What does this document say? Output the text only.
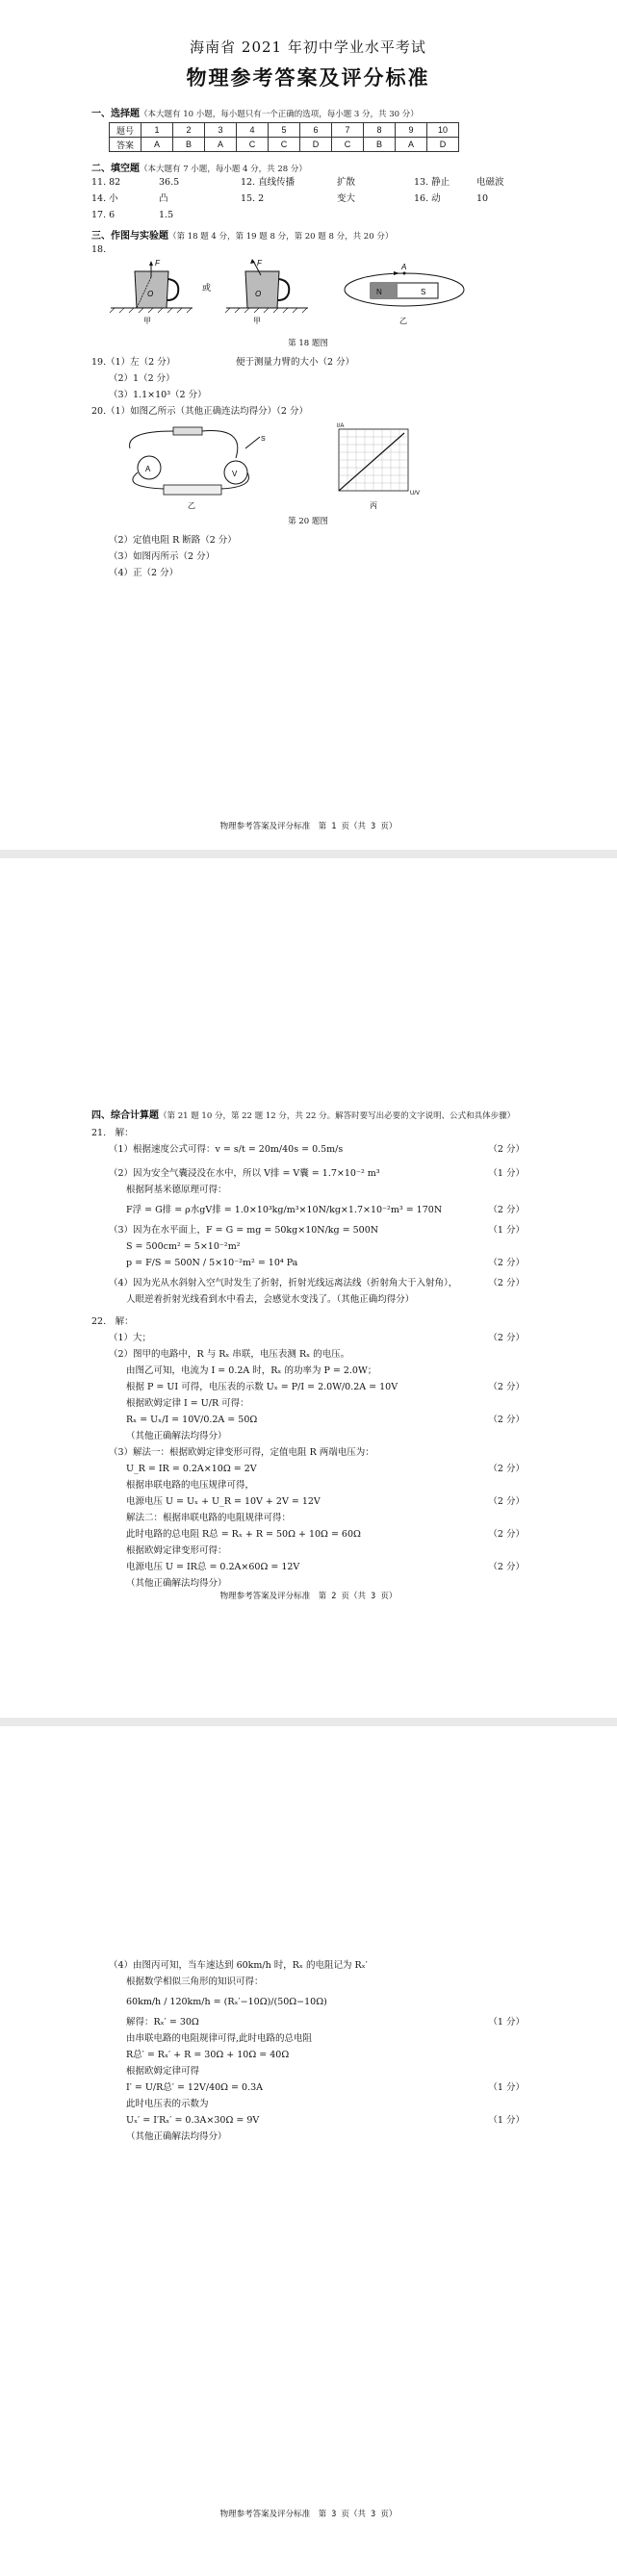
海南省 2021 年初中学业水平考试
物理参考答案及评分标准
一、选择题（本大题有 10 小题，每小题只有一个正确的选项，每小题 3 分，共 30 分）
题号	1	2	3	4	5	6	7	8	9	10
答案	A	B	A	C	C	D	C	B	A	D
二、填空题（本大题有 7 小题，每小题 4 分，共 28 分）
11. 82	36.5	12. 直线传播	扩散	13. 静止	电磁波
14. 小	凸	15. 2	变大	16. 动	10
17. 6	1.5
三、作图与实验题（第 18 题 4 分，第 19 题 8 分，第 20 题 8 分，共 20 分）
18.
O
F
甲
或
O
F
甲
N	S
A
乙
第 18 题图
19.（1）左（2 分）	便于测量力臂的大小（2 分）
（2）1（2 分）
（3）1.1×10³（2 分）
20.（1）如图乙所示（其他正确连法均得分）（2 分）
A
V
S
乙
I/A
U/V
丙
第 20 题图
（2）定值电阻 R 断路（2 分）
（3）如图丙所示（2 分）
（4）正（2 分）
物理参考答案及评分标准　第 1 页（共 3 页）
四、综合计算题（第 21 题 10 分，第 22 题 12 分，共 22 分。解答时要写出必要的文字说明、公式和具体步骤）
21.　解：
（1）根据速度公式可得：v = s/t = 20m/40s = 0.5m/s	（2 分）
（2）因为安全气囊浸没在水中，所以 V排 = V囊 = 1.7×10⁻² m³	（1 分）
根据阿基米德原理可得：
F浮 = G排 = ρ水gV排 = 1.0×10³kg/m³×10N/kg×1.7×10⁻²m³ = 170N	（2 分）
（3）因为在水平面上，F = G = mg = 50kg×10N/kg = 500N	（1 分）
S = 500cm² = 5×10⁻²m²
p = F/S = 500N / 5×10⁻²m² = 10⁴ Pa	（2 分）
（4）因为光从水斜射入空气时发生了折射，折射光线远离法线（折射角大于入射角），	（2 分）
人眼逆着折射光线看到水中看去，会感觉水变浅了。（其他正确均得分）
22.　解：
（1）大；	（2 分）
（2）图甲的电路中，R 与 Rₓ 串联，电压表测 Rₓ 的电压。
由图乙可知，电流为 I = 0.2A 时，Rₓ 的功率为 P = 2.0W；
根据 P = UI 可得，电压表的示数 Uₓ = P/I = 2.0W/0.2A = 10V	（2 分）
根据欧姆定律 I = U/R 可得：
Rₓ = Uₓ/I = 10V/0.2A = 50Ω	（2 分）
（其他正确解法均得分）
（3）解法一：根据欧姆定律变形可得，定值电阻 R 两端电压为：
U_R = IR = 0.2A×10Ω = 2V	（2 分）
根据串联电路的电压规律可得，
电源电压 U = Uₓ + U_R = 10V + 2V = 12V	（2 分）
解法二：根据串联电路的电阻规律可得：
此时电路的总电阻 R总 = Rₓ + R = 50Ω + 10Ω = 60Ω	（2 分）
根据欧姆定律变形可得：
电源电压 U = IR总 = 0.2A×60Ω = 12V	（2 分）
（其他正确解法均得分）
物理参考答案及评分标准　第 2 页（共 3 页）
（4）由图丙可知，当车速达到 60km/h 时，Rₓ 的电阻记为 Rₓ′
根据数学相似三角形的知识可得：
60km/h / 120km/h = (Rₓ′−10Ω)/(50Ω−10Ω)
解得：Rₓ′ = 30Ω	（1 分）
由串联电路的电阻规律可得,此时电路的总电阻
R总′ = Rₓ′ + R = 30Ω + 10Ω = 40Ω
根据欧姆定律可得
I′ = U/R总′ = 12V/40Ω = 0.3A	（1 分）
此时电压表的示数为
Uₓ′ = I′Rₓ′ = 0.3A×30Ω = 9V	（1 分）
（其他正确解法均得分）
物理参考答案及评分标准　第 3 页（共 3 页）
